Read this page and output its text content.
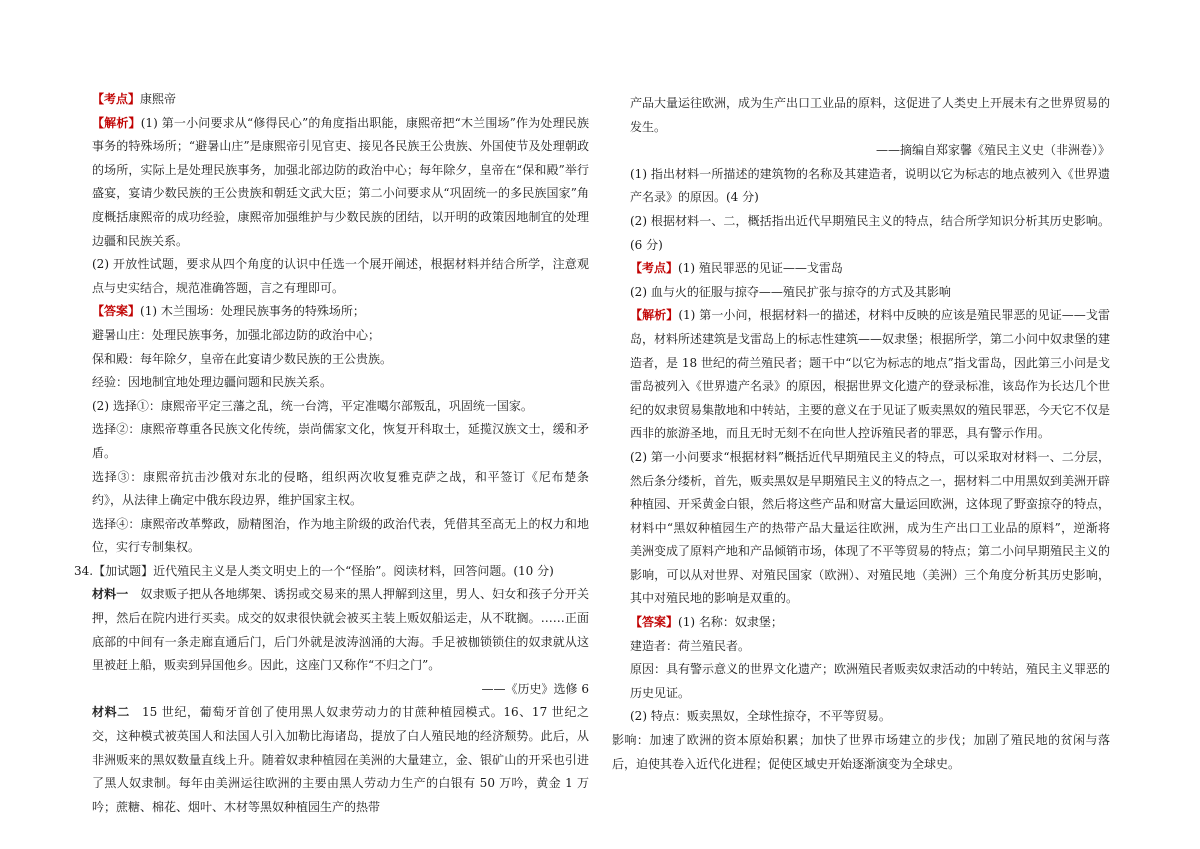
【考点】康熙帝

【解析】(1) 第一小问要求从“修得民心”的角度指出职能，康熙帝把“木兰围场”作为处理民族事务的特殊场所；“避暑山庄”是康熙帝引见官吏、接见各民族王公贵族、外国使节及处理朝政的场所，实际上是处理民族事务，加强北部边防的政治中心；每年除夕，皇帝在“保和殿”举行盛宴，宴请少数民族的王公贵族和朝廷文武大臣；第二小问要求从“巩固统一的多民族国家”角度概括康熙帝的成功经验，康熙帝加强维护与少数民族的团结，以开明的政策因地制宜的处理边疆和民族关系。

(2) 开放性试题，要求从四个角度的认识中任选一个展开阐述，根据材料并结合所学，注意观点与史实结合，规范准确答题，言之有理即可。

【答案】(1) 木兰围场：处理民族事务的特殊场所；

避暑山庄：处理民族事务，加强北部边防的政治中心；

保和殿：每年除夕，皇帝在此宴请少数民族的王公贵族。

经验：因地制宜地处理边疆问题和民族关系。

(2) 选择①：康熙帝平定三藩之乱，统一台湾，平定准噶尔部叛乱，巩固统一国家。

选择②：康熙帝尊重各民族文化传统，崇尚儒家文化，恢复开科取士，延揽汉族文士，缓和矛盾。

选择③：康熙帝抗击沙俄对东北的侵略，组织两次收复雅克萨之战，和平签订《尼布楚条约》，从法律上确定中俄东段边界，维护国家主权。

选择④：康熙帝改革弊政，励精图治，作为地主阶级的政治代表，凭借其至高无上的权力和地位，实行专制集权。

34.【加试题】近代殖民主义是人类文明史上的一个“怪胎”。阅读材料，回答问题。(10 分)

材料一 奴隶贩子把从各地绑架、诱拐或交易来的黑人押解到这里，男人、妇女和孩子分开关押，然后在院内进行买卖。成交的奴隶很快就会被买主装上贩奴船运走，从不耽搁。……正面底部的中间有一条走廊直通后门，后门外就是波涛汹涌的大海。手足被枷锁锁住的奴隶就从这里被赶上船，贩卖到异国他乡。因此，这座门又称作“不归之门”。

——《历史》选修 6

材料二 15 世纪，葡萄牙首创了使用黑人奴隶劳动力的甘蔗种植园模式。16、17 世纪之交，这种模式被英国人和法国人引入加勒比海诸岛，提放了白人殖民地的经济颓势。此后，从非洲贩来的黑奴数量直线上升。随着奴隶种植园在美洲的大量建立，金、银矿山的开采也引进了黑人奴隶制。每年由美洲运往欧洲的主要由黑人劳动力生产的白银有 50 万吟，黄金 1 万吟；蔗糖、棉花、烟叶、木材等黑奴种植园生产的热带

产品大量运往欧洲，成为生产出口工业品的原料，这促进了人类史上开展未有之世界贸易的发生。

——摘编自郑家馨《殖民主义史（非洲卷）》

(1) 指出材料一所描述的建筑物的名称及其建造者，说明以它为标志的地点被列入《世界遗产名录》的原因。(4 分)

(2) 根据材料一、二，概括指出近代早期殖民主义的特点，结合所学知识分析其历史影响。(6 分)

【考点】(1) 殖民罪恶的见证——戈雷岛

(2) 血与火的征服与掠夺——殖民扩张与掠夺的方式及其影响

【解析】(1) 第一小问，根据材料一的描述，材料中反映的应该是殖民罪恶的见证——戈雷岛，材料所述建筑是戈雷岛上的标志性建筑——奴隶堡；根据所学，第二小问中奴隶堡的建造者，是 18 世纪的荷兰殖民者；题干中“以它为标志的地点”指戈雷岛，因此第三小问是戈雷岛被列入《世界遗产名录》的原因，根据世界文化遗产的登录标准，该岛作为长达几个世纪的奴隶贸易集散地和中转站，主要的意义在于见证了贩卖黑奴的殖民罪恶，今天它不仅是西非的旅游圣地，而且无时无刻不在向世人控诉殖民者的罪恶，具有警示作用。

(2) 第一小问要求“根据材料”概括近代早期殖民主义的特点，可以采取对材料一、二分层，然后条分缕析，首先，贩卖黑奴是早期殖民主义的特点之一，据材料二中用黑奴到美洲开辟种植园、开采黄金白银，然后将这些产品和财富大量运回欧洲，这体现了野蛮掠夺的特点，材料中“黑奴种植园生产的热带产品大量运往欧洲，成为生产出口工业品的原料”，逆渐将美洲变成了原料产地和产品倾销市场，体现了不平等贸易的特点；第二小问早期殖民主义的影响，可以从对世界、对殖民国家（欧洲）、对殖民地（美洲）三个角度分析其历史影响，其中对殖民地的影响是双重的。

【答案】(1) 名称：奴隶堡；

建造者：荷兰殖民者。

原因：具有警示意义的世界文化遗产；欧洲殖民者贩卖奴隶活动的中转站，殖民主义罪恶的历史见证。

(2) 特点：贩卖黑奴，全球性掠夺，不平等贸易。

影响：加速了欧洲的资本原始积累；加快了世界市场建立的步伐；加剧了殖民地的贫闲与落后，迫使其卷入近代化进程；促使区域史开始逐渐演变为全球史。
